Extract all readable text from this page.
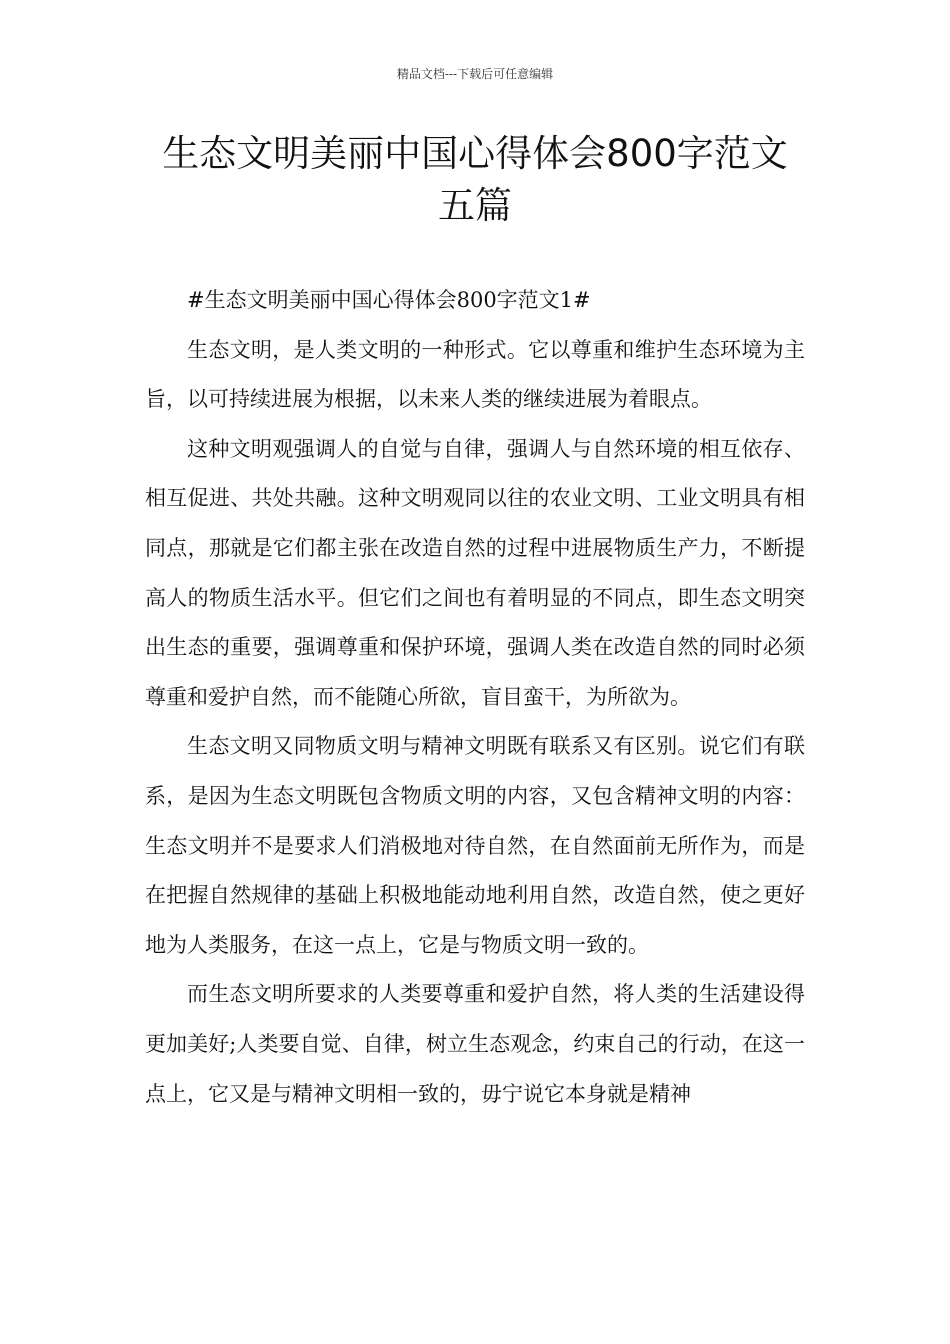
精品文档---下载后可任意编辑
生态文明美丽中国心得体会800字范文
五篇

#生态文明美丽中国心得体会800字范文1#

生态文明，是人类文明的一种形式。它以尊重和维护生态环境为主旨，以可持续进展为根据，以未来人类的继续进展为着眼点。

这种文明观强调人的自觉与自律，强调人与自然环境的相互依存、相互促进、共处共融。这种文明观同以往的农业文明、工业文明具有相同点，那就是它们都主张在改造自然的过程中进展物质生产力，不断提高人的物质生活水平。但它们之间也有着明显的不同点，即生态文明突出生态的重要，强调尊重和保护环境，强调人类在改造自然的同时必须尊重和爱护自然，而不能随心所欲，盲目蛮干，为所欲为。

生态文明又同物质文明与精神文明既有联系又有区别。说它们有联系，是因为生态文明既包含物质文明的内容，又包含精神文明的内容：生态文明并不是要求人们消极地对待自然，在自然面前无所作为，而是在把握自然规律的基础上积极地能动地利用自然，改造自然，使之更好地为人类服务，在这一点上，它是与物质文明一致的。

而生态文明所要求的人类要尊重和爱护自然，将人类的生活建设得更加美好;人类要自觉、自律，树立生态观念，约束自己的行动，在这一点上，它又是与精神文明相一致的，毋宁说它本身就是精神
